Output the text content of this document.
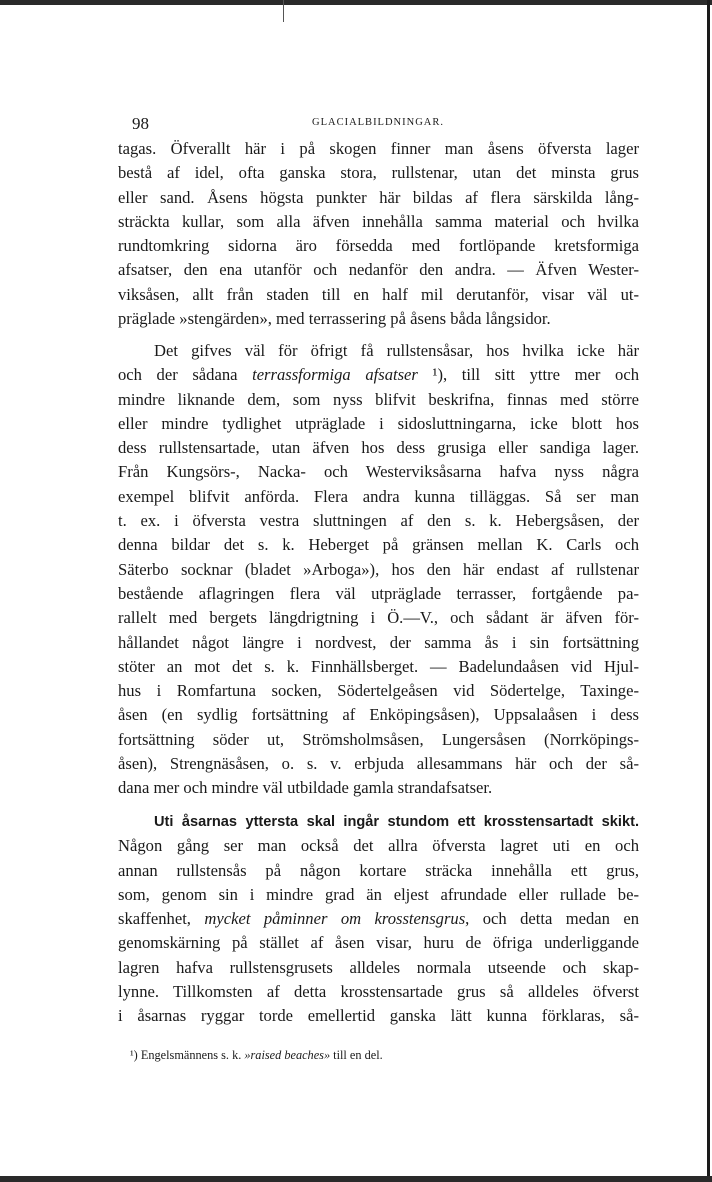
98	GLACIALBILDNINGAR.
tagas. Öfverallt här i på skogen finner man åsens öfversta lager
bestå af idel, ofta ganska stora, rullstenar, utan det minsta grus
eller sand. Åsens högsta punkter här bildas af flera särskilda lång-
sträckta kullar, som alla äfven innehålla samma material och hvilka
rundtomkring sidorna äro försedda med fortlöpande kretsformiga
afsatser, den ena utanför och nedanför den andra. — Äfven Wester-
viksåsen, allt från staden till en half mil derutanför, visar väl ut-
präglade »stengärden», med terrassering på åsens båda långsidor.
Det gifves väl för öfrigt få rullstensåsar, hos hvilka icke här
och der sådana terrassformiga afsatser ¹), till sitt yttre mer och
mindre liknande dem, som nyss blifvit beskrifna, finnas med större
eller mindre tydlighet utpräglade i sidosluttningarna, icke blott hos
dess rullstensartade, utan äfven hos dess grusiga eller sandiga lager.
Från Kungsörs-, Nacka- och Westerviksåsarna hafva nyss några
exempel blifvit anförda. Flera andra kunna tilläggas. Så ser man
t. ex. i öfversta vestra sluttningen af den s. k. Hebergsåsen, der
denna bildar det s. k. Heberget på gränsen mellan K. Carls och
Säterbo socknar (bladet »Arboga»), hos den här endast af rullstenar
bestående aflagringen flera väl utpräglade terrasser, fortgående pa-
rallelt med bergets längdrigtning i Ö.—V., och sådant är äfven för-
hållandet något längre i nordvest, der samma ås i sin fortsättning
stöter an mot det s. k. Finnhällsberget. — Badelundaåsen vid Hjul-
hus i Romfartuna socken, Södertelgeåsen vid Södertelge, Taxinge-
åsen (en sydlig fortsättning af Enköpingsåsen), Uppsalaåsen i dess
fortsättning söder ut, Strömsholmsåsen, Lungersåsen (Norrköpings-
åsen), Strengnäsåsen, o. s. v. erbjuda allesammans här och der så-
dana mer och mindre väl utbildade gamla strandafsatser.
Uti åsarnas yttersta skal ingår stundom ett krosstensartadt skikt.
Någon gång ser man också det allra öfversta lagret uti en och
annan rullstensås på någon kortare sträcka innehålla ett grus,
som, genom sin i mindre grad än eljest afrundade eller rullade be-
skaffenhet, mycket påminner om krosstensgrus, och detta medan en
genomskärning på stället af åsen visar, huru de öfriga underliggande
lagren hafva rullstensgrusets alldeles normala utseende och skap-
lynne. Tillkomsten af detta krosstensartade grus så alldeles öfverst
i åsarnas ryggar torde emellertid ganska lätt kunna förklaras, så-
¹) Engelsmännens s. k. »raised beaches» till en del.
